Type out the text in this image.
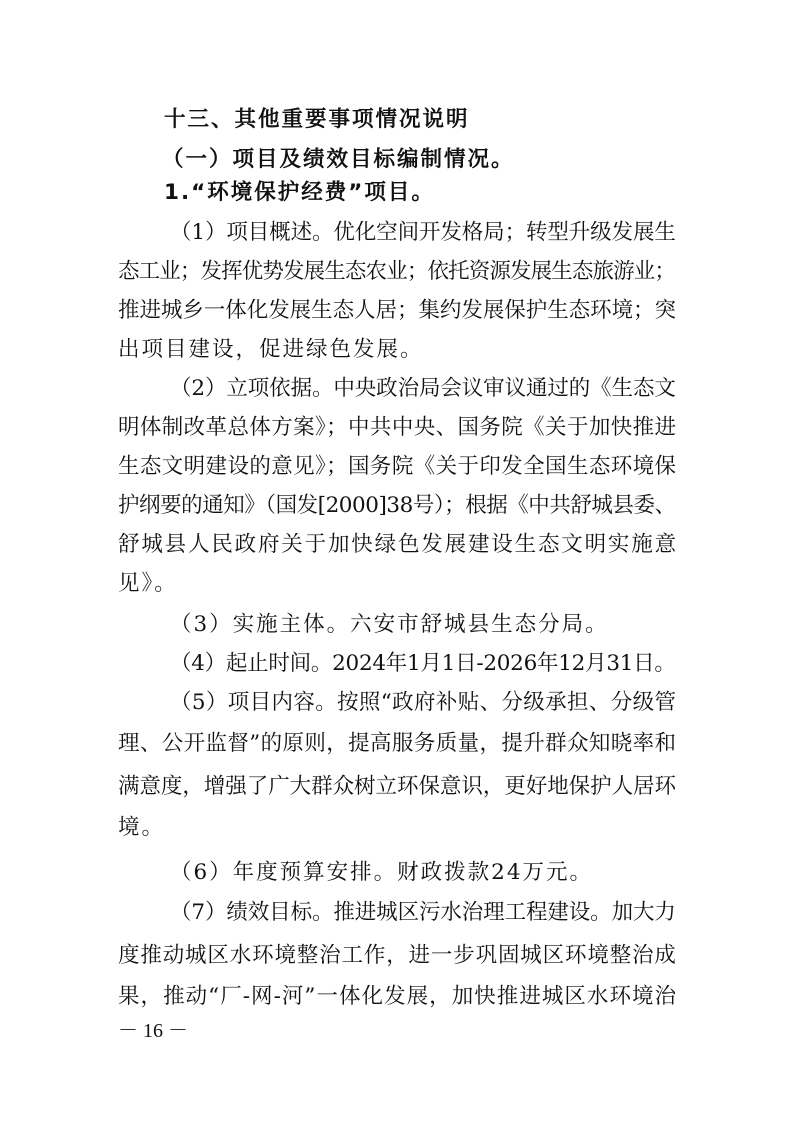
十三、其他重要事项情况说明
（一）项目及绩效目标编制情况。
1.“环境保护经费”项目。
（1）项目概述。优化空间开发格局；转型升级发展生
态工业；发挥优势发展生态农业；依托资源发展生态旅游业；
推进城乡一体化发展生态人居；集约发展保护生态环境；突
出项目建设，促进绿色发展。
（2）立项依据。中央政治局会议审议通过的《生态文
明体制改革总体方案》；中共中央、国务院《关于加快推进
生态文明建设的意见》；国务院《关于印发全国生态环境保
护纲要的通知》（国发[2000]38号）；根据《中共舒城县委、
舒城县人民政府关于加快绿色发展建设生态文明实施意
见》。
（3）实施主体。六安市舒城县生态分局。
（4）起止时间。2024年1月1日-2026年12月31日。
（5）项目内容。按照“政府补贴、分级承担、分级管
理、公开监督”的原则，提高服务质量，提升群众知晓率和
满意度，增强了广大群众树立环保意识，更好地保护人居环
境。
（6）年度预算安排。财政拨款24万元。
（7）绩效目标。推进城区污水治理工程建设。加大力
度推动城区水环境整治工作，进一步巩固城区环境整治成
果，推动“厂-网-河”一体化发展，加快推进城区水环境治
－ 16 －
